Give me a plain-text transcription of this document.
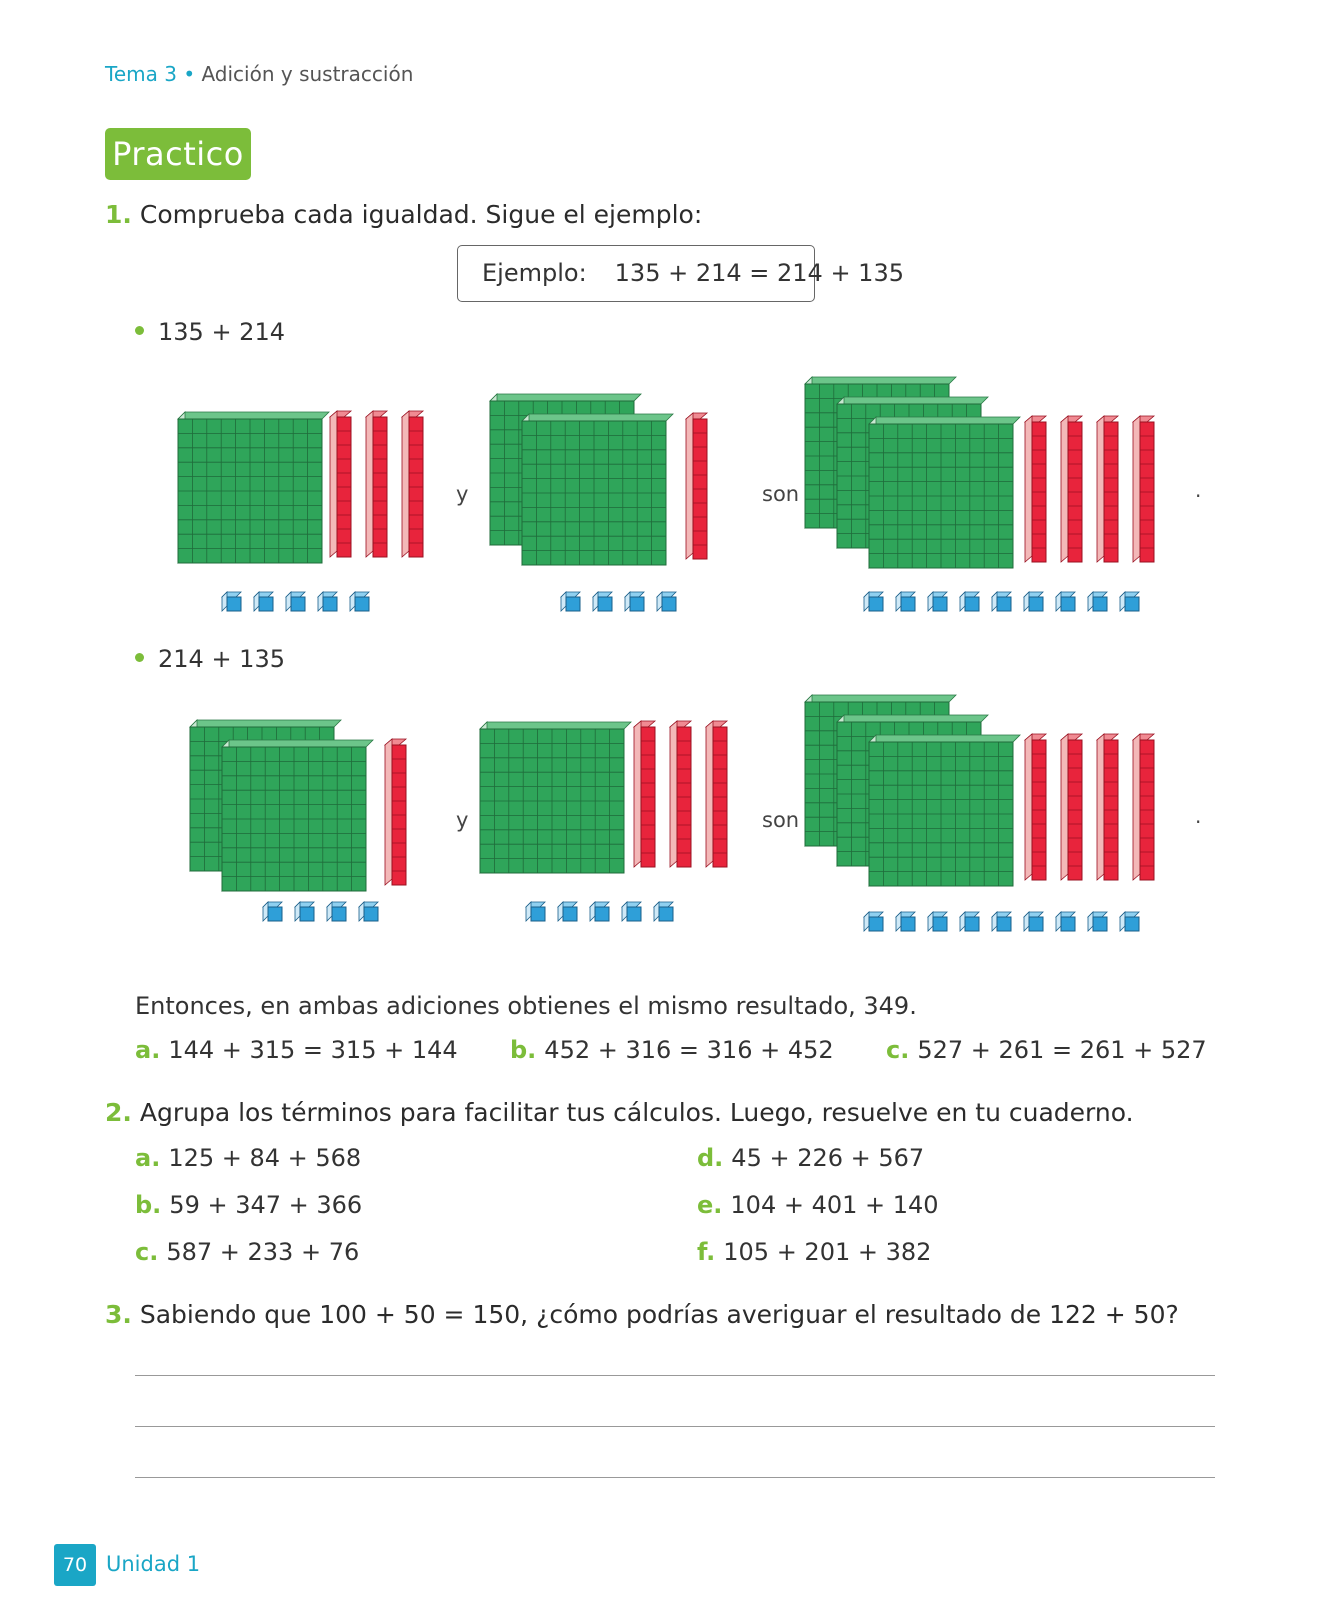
Tema 3 • Adición y sustracción
Practico
1. Comprueba cada igualdad. Sigue el ejemplo:
Ejemplo: 135 + 214 = 214 + 135
135 + 214
214 + 135
y	son	.
y	son	.
Entonces, en ambas adiciones obtienes el mismo resultado, 349.
a. 144 + 315 = 315 + 144 b. 452 + 316 = 316 + 452 c. 527 + 261 = 261 + 527
2. Agrupa los términos para facilitar tus cálculos. Luego, resuelve en tu cuaderno.
a. 125 + 84 + 568
b. 59 + 347 + 366
c. 587 + 233 + 76
d. 45 + 226 + 567
e. 104 + 401 + 140
f. 105 + 201 + 382
3. Sabiendo que 100 + 50 = 150, ¿cómo podrías averiguar el resultado de 122 + 50?
70 Unidad 1
